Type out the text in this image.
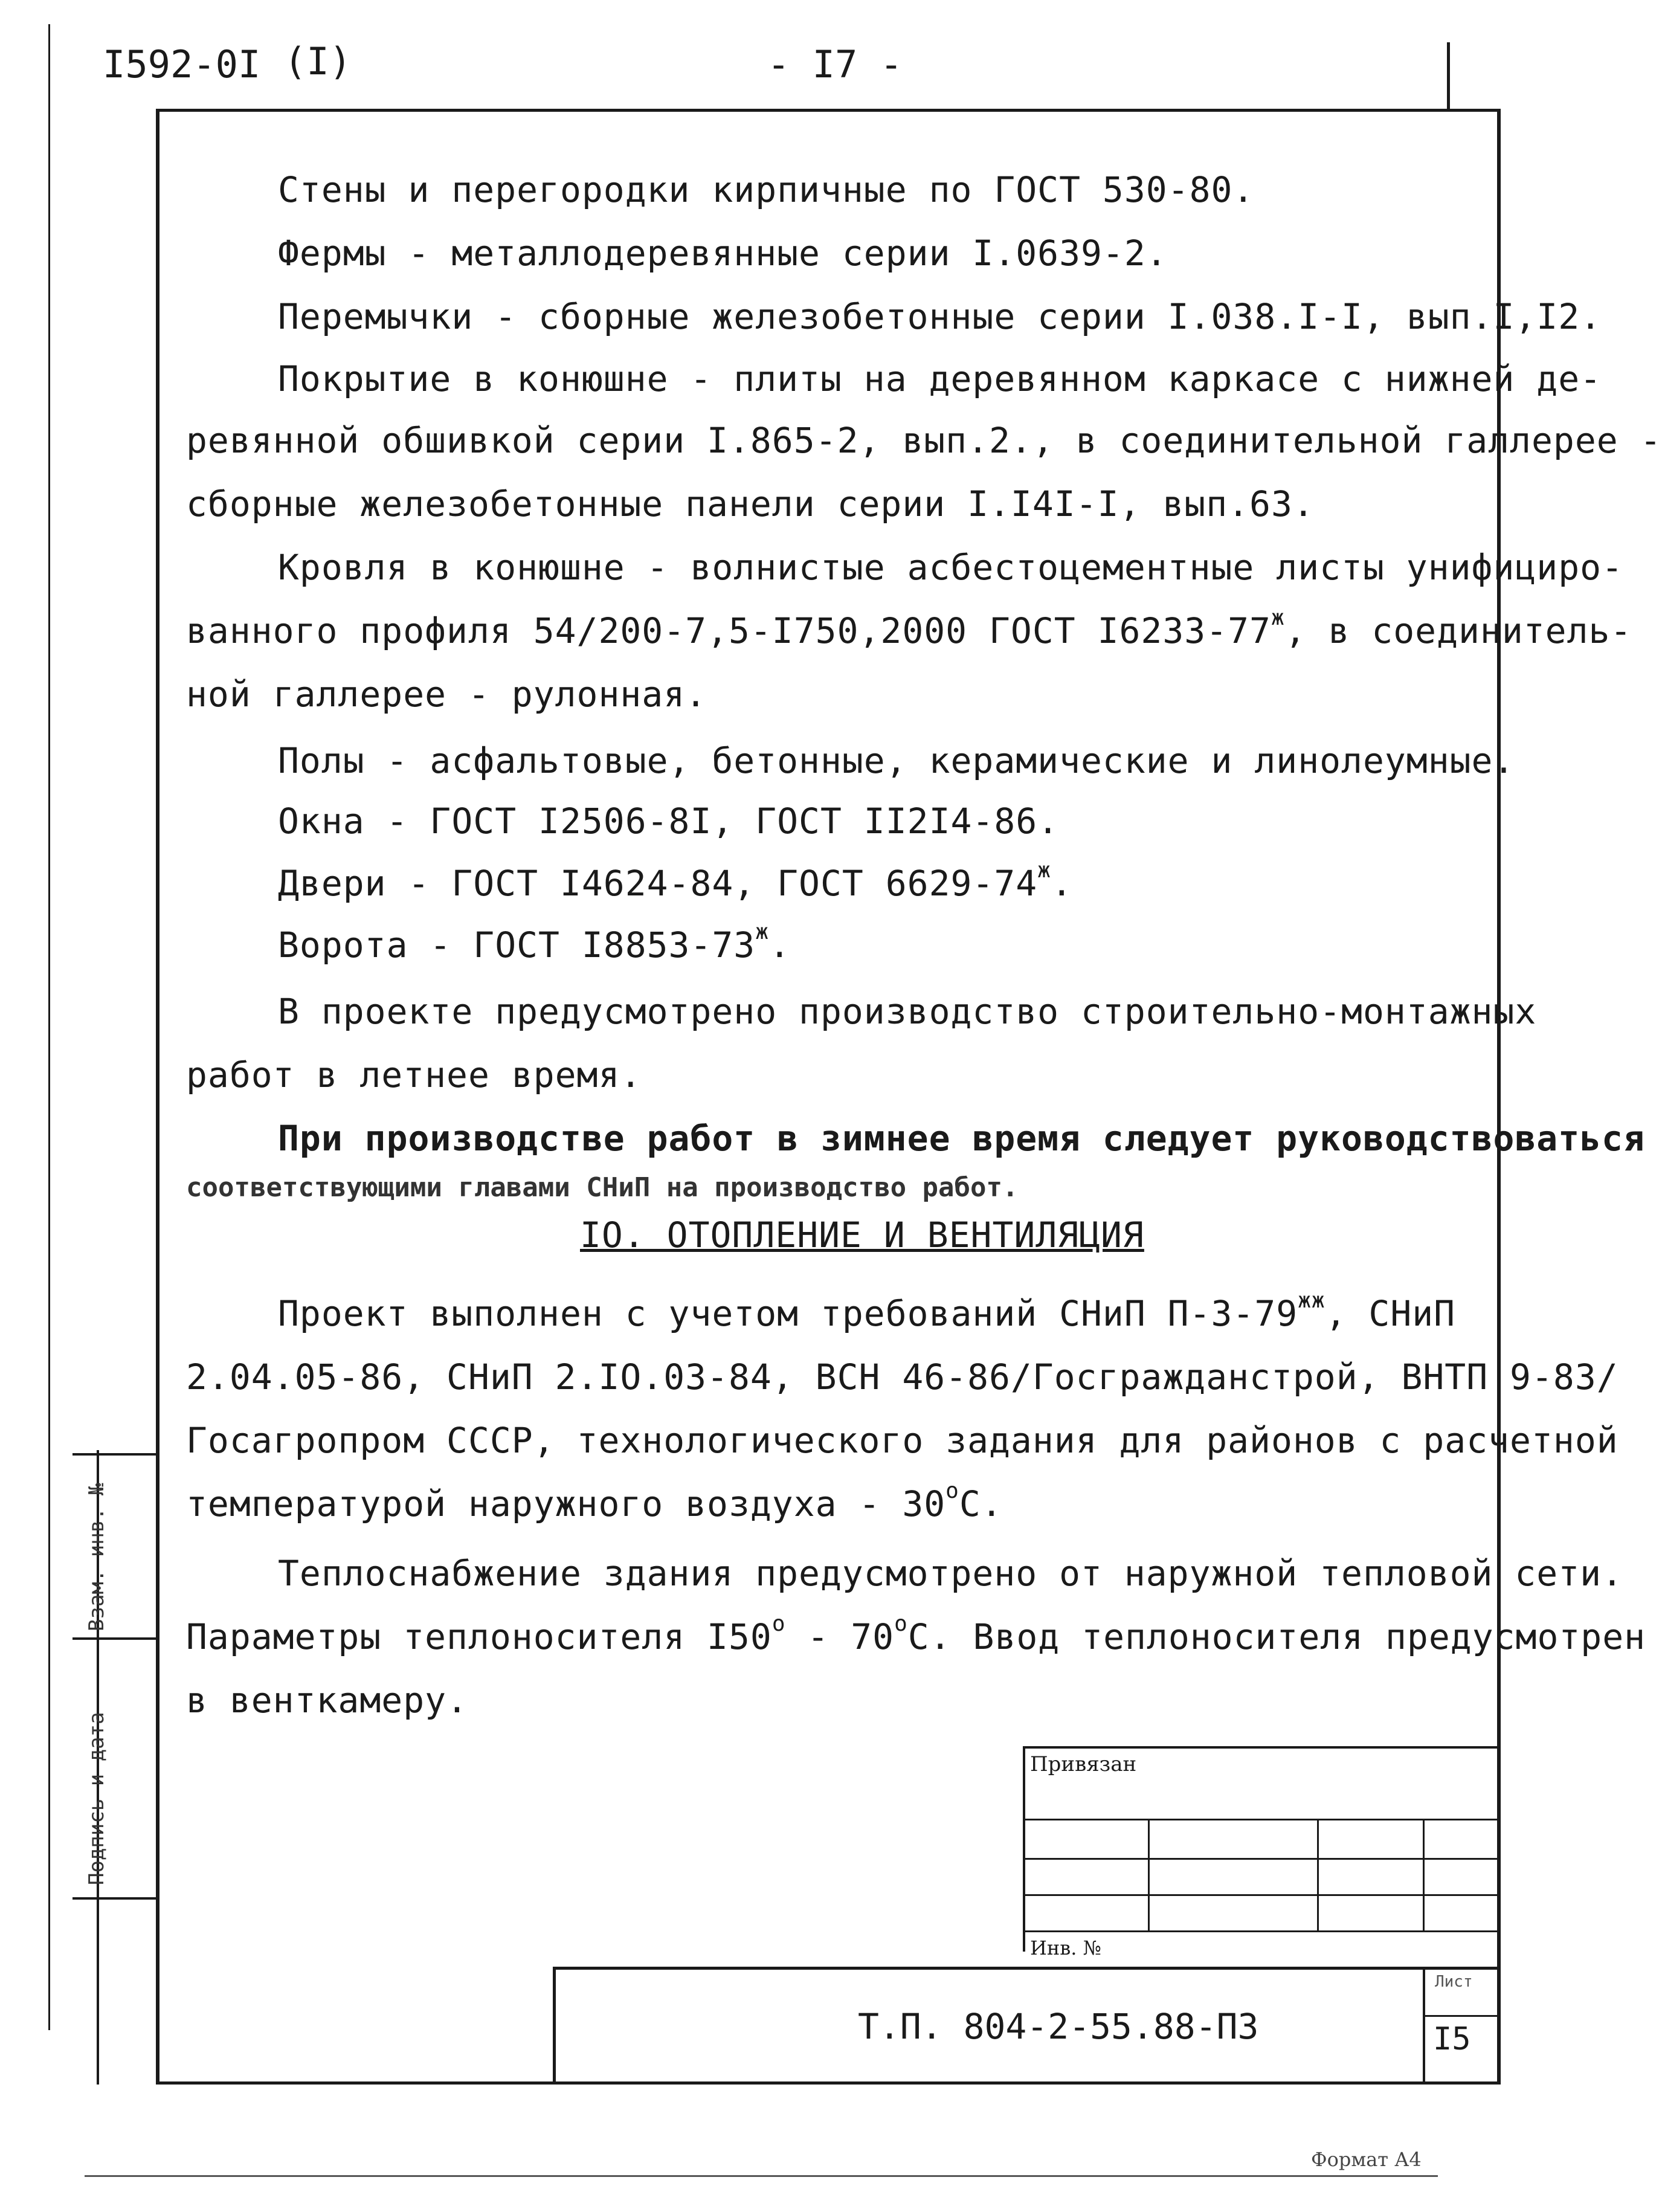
I592-0I (I)	- I7 -
Взам. инв. №
Подпись и дата
Стены и перегородки кирпичные по ГОСТ 530-80.
Фермы - металлодеревянные серии I.0639-2.
Перемычки - сборные железобетонные серии I.038.I-I, вып.I,I2.
Покрытие в конюшне - плиты на деревянном каркасе с нижней де-
ревянной обшивкой серии I.865-2, вып.2., в соединительной галлерее -
сборные железобетонные панели серии I.I4I-I, вып.63.
Кровля в конюшне - волнистые асбестоцементные листы унифициро-
ванного профиля 54/200-7,5-I750,2000 ГОСТ $I6233-77^ж$, в соединитель-
ной галлерее - рулонная.
Полы - асфальтовые, бетонные, керамические и линолеумные.
Окна - ГОСТ I2506-8I, ГОСТ II2I4-86.
Двери - ГОСТ I4624-84, ГОСТ $6629-74^ж$.
Ворота - ГОСТ $I8853-73^ж$.
В проекте предусмотрено производство строительно-монтажных
работ в летнее время.
При производстве работ в зимнее время следует руководствоваться
соответствующими главами СНиП на производство работ.
IO. ОТОПЛЕНИЕ И ВЕНТИЛЯЦИЯ
Проект выполнен с учетом требований СНиП $П-3-79^{жж}$, СНиП
2.04.05-86, СНиП 2.IO.03-84, ВСН 46-86/Госгражданстрой, ВНТП 9-83/
Госагропром СССР, технологического задания для районов с расчетной
температурой наружного воздуха - $30^оС$.
Теплоснабжение здания предусмотрено от наружной тепловой сети.
Параметры теплоносителя $I50^о - 70^оС$. Ввод теплоносителя предусмотрен
в венткамеру.
Привязан
Инв. №
Т.П. 804-2-55.88-ПЗ
Лист
I5
Формат А4
